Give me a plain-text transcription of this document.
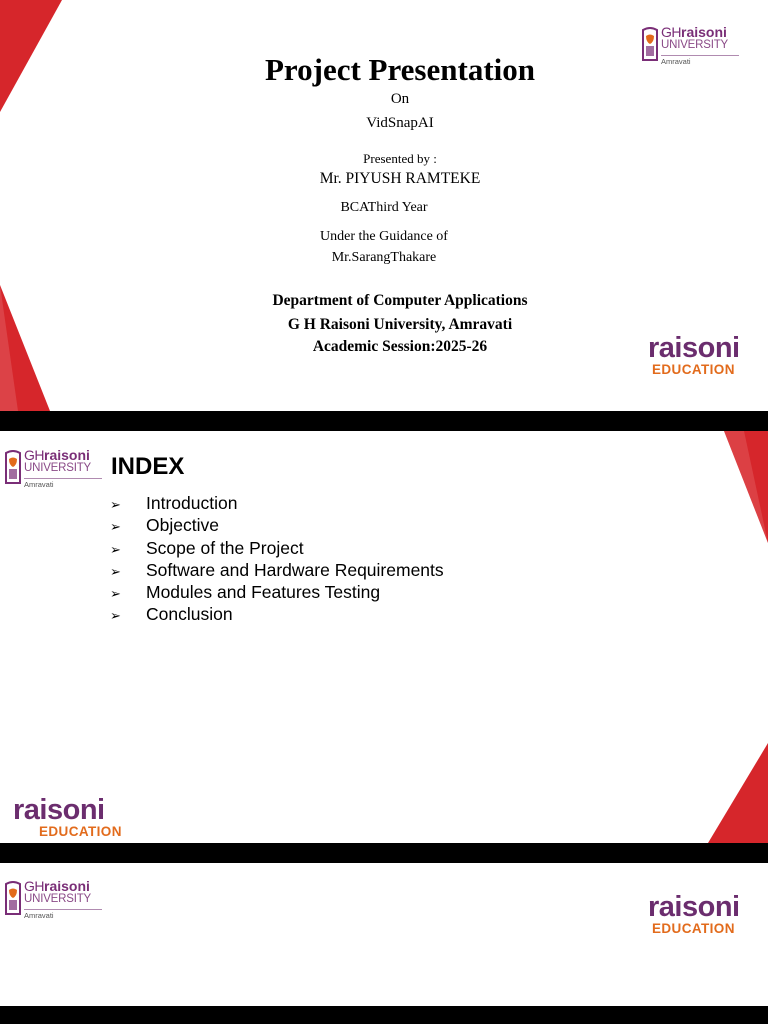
GHraisoni
UNIVERSITY
Amravati
Project Presentation
On
VidSnapAI
Presented by :
Mr. PIYUSH RAMTEKE
BCAThird Year
Under the Guidance of
Mr.SarangThakare
Department of Computer Applications
G H Raisoni University, Amravati
Academic Session:2025-26	raisoni
EDUCATION
GHraisoni
UNIVERSITY
Amravati
INDEX
➢ Introduction
➢ Objective
➢ Scope of the Project
➢ Software and Hardware Requirements
➢ Modules and Features Testing
➢ Conclusion
raisoni
EDUCATION
GHraisoni
UNIVERSITY
Amravati	raisoni
EDUCATION
